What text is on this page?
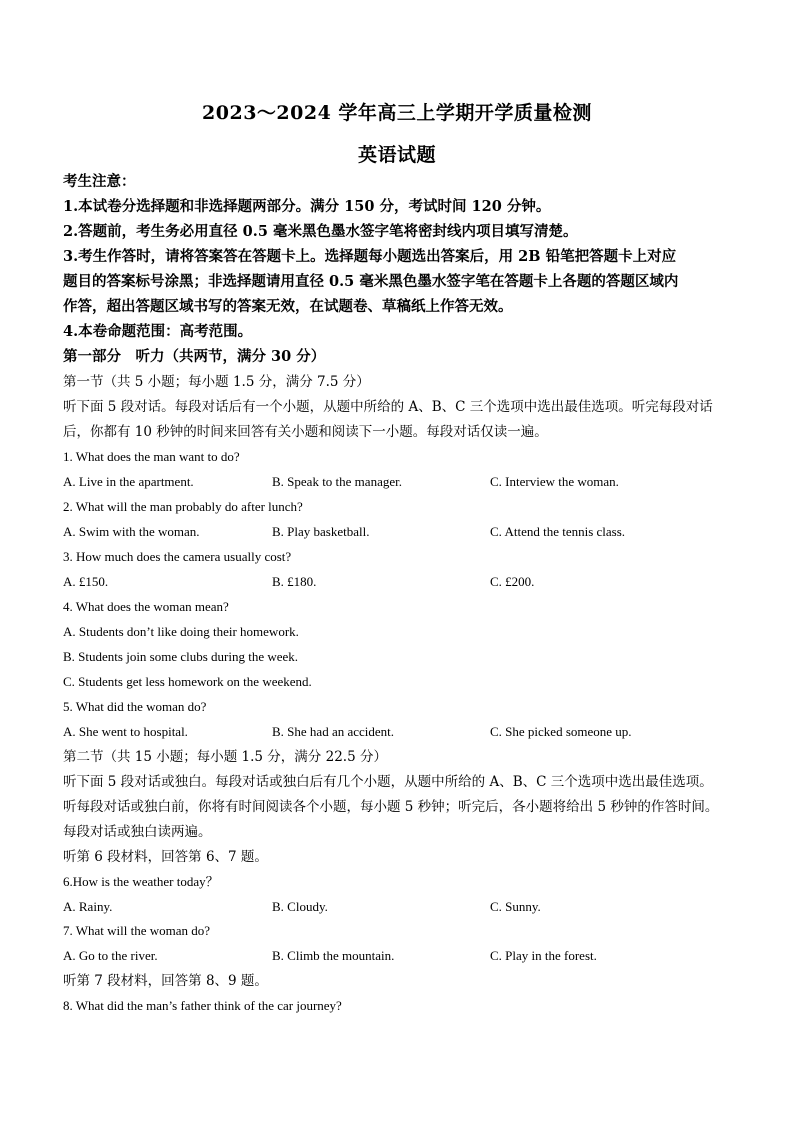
2023～2024 学年高三上学期开学质量检测
英语试题
考生注意：
1.本试卷分选择题和非选择题两部分。满分 150 分，考试时间 120 分钟。
2.答题前，考生务必用直径 0.5 毫米黑色墨水签字笔将密封线内项目填写清楚。
3.考生作答时，请将答案答在答题卡上。选择题每小题选出答案后，用 2B 铅笔把答题卡上对应
题目的答案标号涂黑；非选择题请用直径 0.5 毫米黑色墨水签字笔在答题卡上各题的答题区域内
作答，超出答题区域书写的答案无效，在试题卷、草稿纸上作答无效。
4.本卷命题范围：高考范围。
第一部分　听力（共两节，满分 30 分）
第一节（共 5 小题；每小题 1.5 分，满分 7.5 分）
听下面 5 段对话。每段对话后有一个小题，从题中所给的 A、B、C 三个选项中选出最佳选项。听完每段对话
后，你都有 10 秒钟的时间来回答有关小题和阅读下一小题。每段对话仅读一遍。
1. What does the man want to do?
A. Live in the apartment.	B. Speak to the manager.	C. Interview the woman.
2. What will the man probably do after lunch?
A. Swim with the woman.	B. Play basketball.	C. Attend the tennis class.
3. How much does the camera usually cost?
A. £150.	B. £180.	C. £200.
4. What does the woman mean?
A. Students don’t like doing their homework.
B. Students join some clubs during the week.
C. Students get less homework on the weekend.
5. What did the woman do?
A. She went to hospital.	B. She had an accident.	C. She picked someone up.
第二节（共 15 小题；每小题 1.5 分，满分 22.5 分）
听下面 5 段对话或独白。每段对话或独白后有几个小题，从题中所给的 A、B、C 三个选项中选出最佳选项。
听每段对话或独白前，你将有时间阅读各个小题，每小题 5 秒钟；听完后，各小题将给出 5 秒钟的作答时间。
每段对话或独白读两遍。
听第 6 段材料，回答第 6、7 题。
6.How is the weather today？
A. Rainy.	B. Cloudy.	C. Sunny.
7. What will the woman do?
A. Go to the river.	B. Climb the mountain.	C. Play in the forest.
听第 7 段材料，回答第 8、9 题。
8. What did the man’s father think of the car journey?
